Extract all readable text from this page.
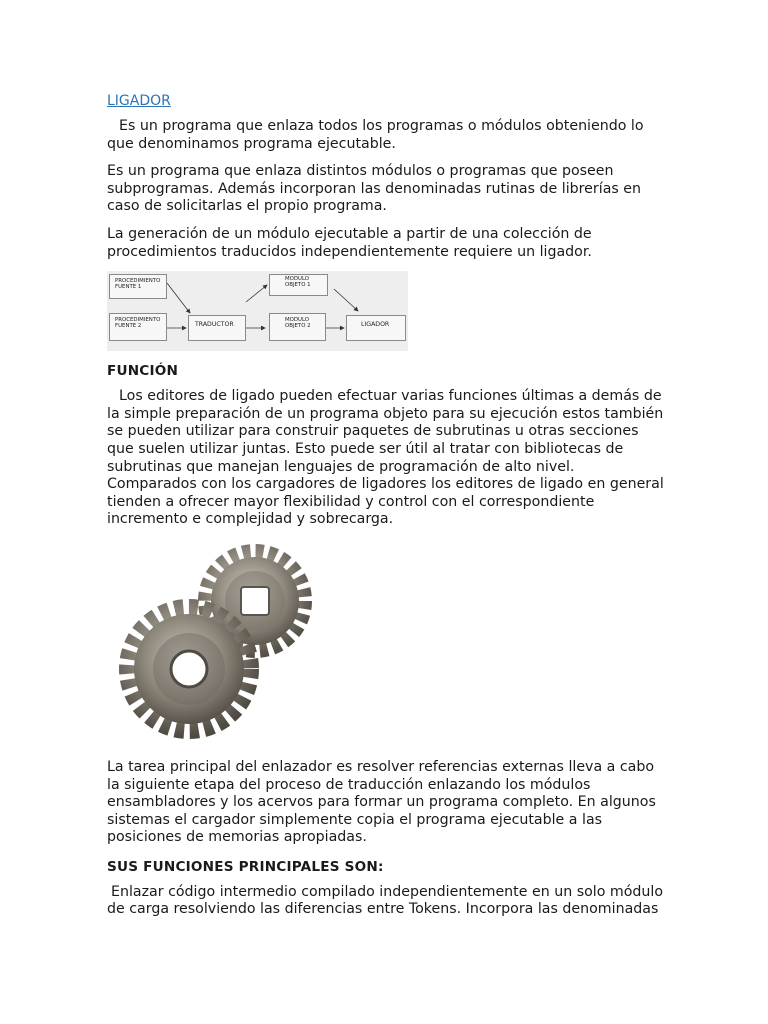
LIGADOR

Es un programa que enlaza todos los programas o módulos obteniendo lo que denominamos programa ejecutable.

Es un programa que enlaza distintos módulos o programas que poseen subprogramas. Además incorporan las denominadas rutinas de librerías en caso de solicitarlas el propio programa.

La generación de un módulo ejecutable a partir de una colección de procedimientos traducidos independientemente requiere un ligador.

PROCEDIMIENTO
FUENTE 1
PROCEDIMIENTO
FUENTE 2	TRADUCTOR
MODULO
OBJETO 1
MODULO
OBJETO 2	LIGADOR
FUNCIÓN

Los editores de ligado pueden efectuar varias funciones últimas a demás de la simple preparación de un programa objeto para su ejecución estos también se pueden utilizar para construir paquetes de subrutinas u otras secciones que suelen utilizar juntas. Esto puede ser útil al tratar con bibliotecas de subrutinas que manejan lenguajes de programación de alto nivel. Comparados con los cargadores de ligadores los editores de ligado en general tienden a ofrecer mayor flexibilidad y control con el correspondiente incremento e complejidad y sobrecarga.

La tarea principal del enlazador es resolver referencias externas lleva a cabo la siguiente etapa del proceso de traducción enlazando los módulos ensambladores y los acervos para formar un programa completo. En algunos sistemas el cargador simplemente copia el programa ejecutable a las posiciones de memorias apropiadas.

SUS FUNCIONES PRINCIPALES SON:

Enlazar código intermedio compilado independientemente en un solo módulo de carga resolviendo las diferencias entre Tokens. Incorpora las denominadas
